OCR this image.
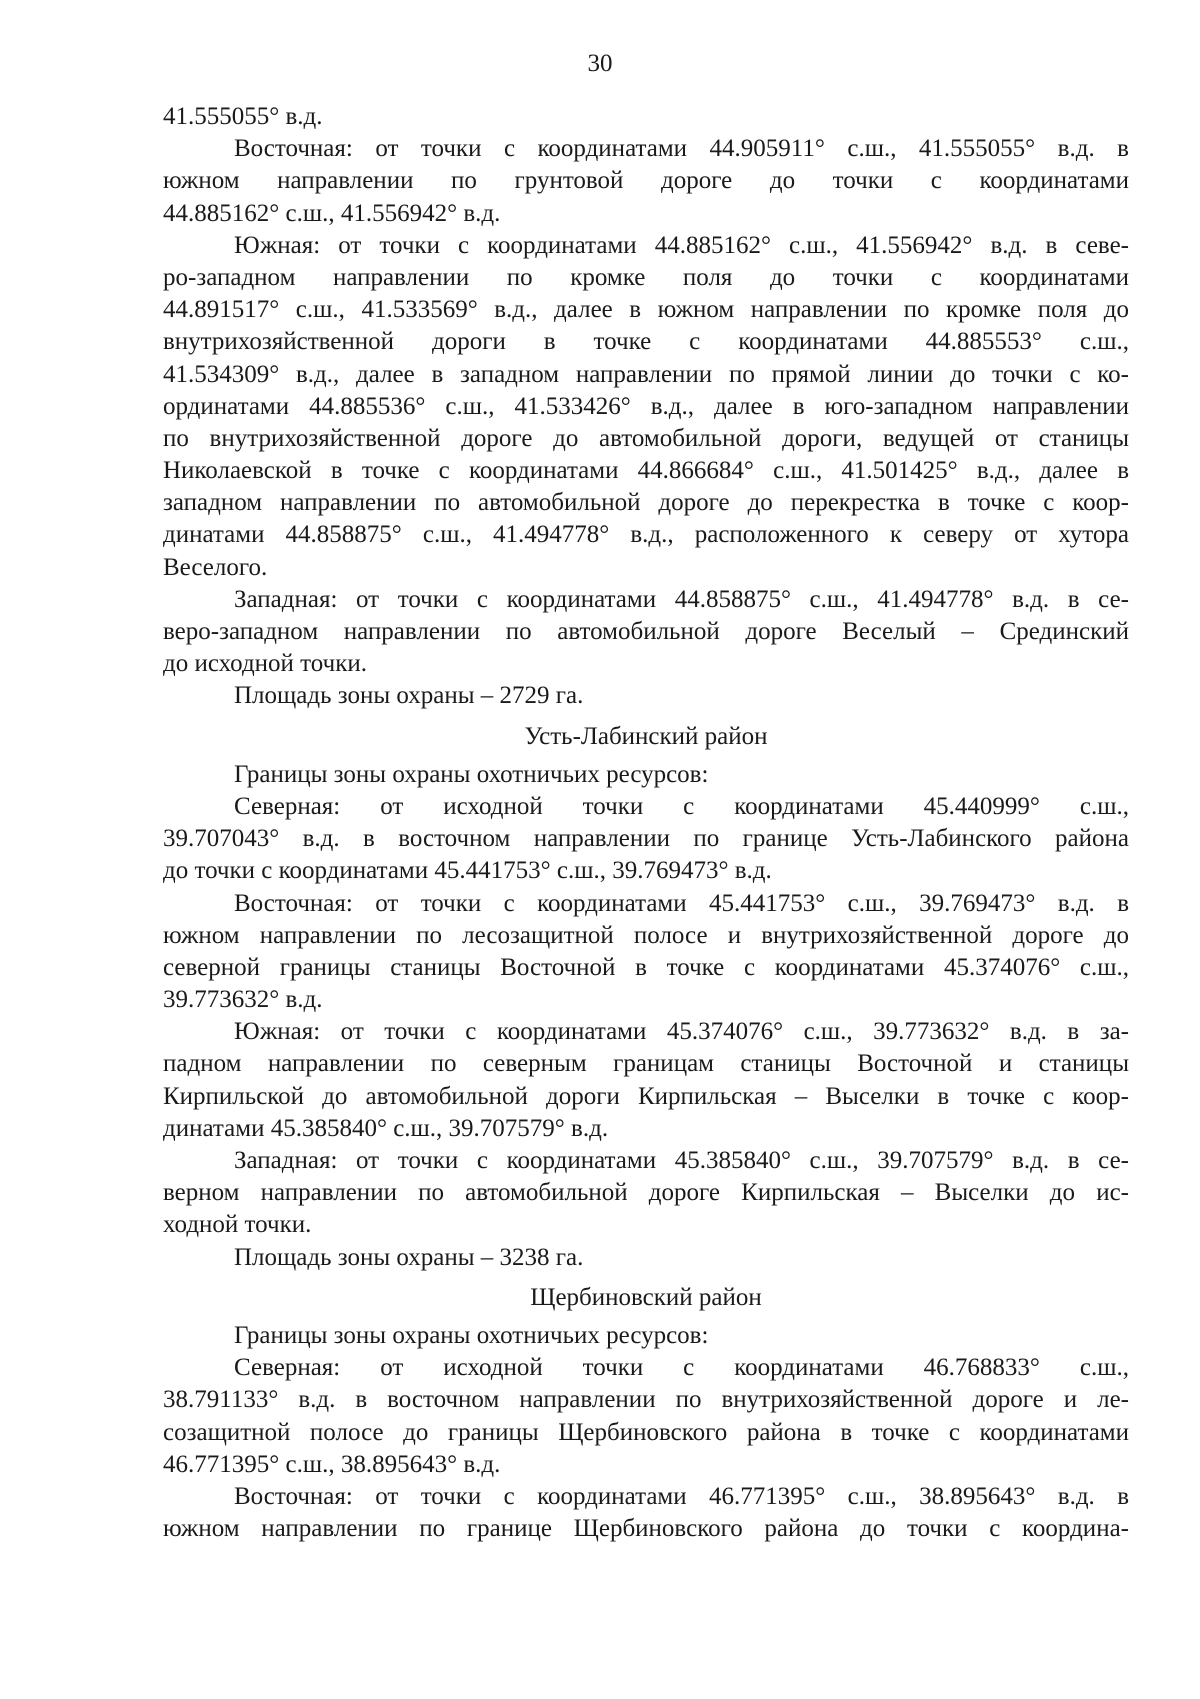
30
41.555055° в.д.
Восточная: от точки с координатами 44.905911° с.ш., 41.555055° в.д. в
южном направлении по грунтовой дороге до точки с координатами
44.885162° с.ш., 41.556942° в.д.
Южная: от точки с координатами 44.885162° с.ш., 41.556942° в.д. в севе-
ро-западном направлении по кромке поля до точки с координатами
44.891517° с.ш., 41.533569° в.д., далее в южном направлении по кромке поля до
внутрихозяйственной дороги в точке с координатами 44.885553° с.ш.,
41.534309° в.д., далее в западном направлении по прямой линии до точки с ко-
ординатами 44.885536° с.ш., 41.533426° в.д., далее в юго-западном направлении
по внутрихозяйственной дороге до автомобильной дороги, ведущей от станицы
Николаевской в точке с координатами 44.866684° с.ш., 41.501425° в.д., далее в
западном направлении по автомобильной дороге до перекрестка в точке с коор-
динатами 44.858875° с.ш., 41.494778° в.д., расположенного к северу от хутора
Веселого.
Западная: от точки с координатами 44.858875° с.ш., 41.494778° в.д. в се-
веро-западном направлении по автомобильной дороге Веселый – Срединский
до исходной точки.
Площадь зоны охраны – 2729 га.
Усть-Лабинский район
Границы зоны охраны охотничьих ресурсов:
Северная: от исходной точки с координатами 45.440999° с.ш.,
39.707043° в.д. в восточном направлении по границе Усть-Лабинского района
до точки с координатами 45.441753° с.ш., 39.769473° в.д.
Восточная: от точки с координатами 45.441753° с.ш., 39.769473° в.д. в
южном направлении по лесозащитной полосе и внутрихозяйственной дороге до
северной границы станицы Восточной в точке с координатами 45.374076° с.ш.,
39.773632° в.д.
Южная: от точки с координатами 45.374076° с.ш., 39.773632° в.д. в за-
падном направлении по северным границам станицы Восточной и станицы
Кирпильской до автомобильной дороги Кирпильская – Выселки в точке с коор-
динатами 45.385840° с.ш., 39.707579° в.д.
Западная: от точки с координатами 45.385840° с.ш., 39.707579° в.д. в се-
верном направлении по автомобильной дороге Кирпильская – Выселки до ис-
ходной точки.
Площадь зоны охраны – 3238 га.
Щербиновский район
Границы зоны охраны охотничьих ресурсов:
Северная: от исходной точки с координатами 46.768833° с.ш.,
38.791133° в.д. в восточном направлении по внутрихозяйственной дороге и ле-
созащитной полосе до границы Щербиновского района в точке с координатами
46.771395° с.ш., 38.895643° в.д.
Восточная: от точки с координатами 46.771395° с.ш., 38.895643° в.д. в
южном направлении по границе Щербиновского района до точки с координа-
